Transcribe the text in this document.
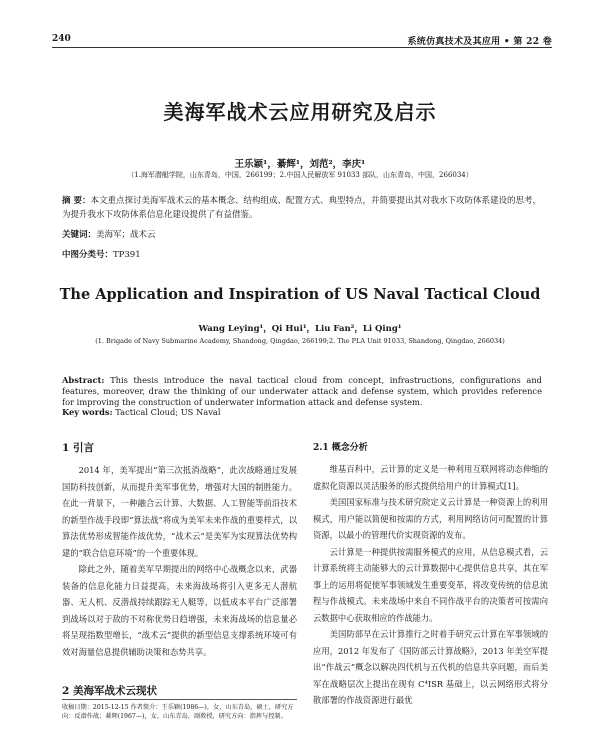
240	系统仿真技术及其应用 • 第 22 卷
美海军战术云应用研究及启示
王乐颖¹，綦辉¹，刘范²，李庆¹
（1.海军潜艇学院，山东青岛，中国，266199；2.中国人民解放军 91033 部队，山东青岛，中国，266034）
摘 要：本文重点探讨美海军战术云的基本概念、结构组成、配置方式、典型特点，并简要提出其对我水下攻防体系建设的思考，为提升我水下攻防体系信息化建设提供了有益借鉴。
关键词：美海军；战术云
中图分类号：TP391
The Application and Inspiration of US Naval Tactical Cloud
Wang Leying¹，Qi Hui¹，Liu Fan²，Li Qing¹
(1. Brigade of Navy Submarine Academy, Shandong, Qingdao, 266199;2. The PLA Unit 91033, Shandong, Qingdao, 266034)
Abstract: This thesis introduce the naval tactical cloud from concept, infrastructions, configurations and features, moreover, draw the thinking of our underwater attack and defense system, which provides reference for improving the construction of underwater information attack and defense system.
Key words: Tactical Cloud; US Naval
1 引言

2014 年，美军提出“第三次抵消战略”，此次战略通过发展国防科技创新，从而提升美军事优势，增强对大国的制胜能力。在此一背景下，一种融合云计算、大数据、人工智能等前沿技术的新型作战手段即“算法战”将成为美军未来作战的重要样式，以算法优势形成智能作战优势，“战术云”是美军为实现算法优势构建的“联合信息环境”的一个重要体现。

除此之外，随着美军早期提出的网络中心战概念以来，武器装备的信息化能力日益提高，未来海战场将引入更多无人潜航器、无人机、反潜战持续跟踪无人艇等，以低成本平台广泛部署到战场以对于敌的不对称优势日趋增强，未来海战场的信息量必将呈现指数型增长，“战术云”提供的新型信息支撑系统环境可有效对海量信息提供辅助决策和态势共享。

2 美海军战术云现状
收稿日期：2015-12-15 作者简介：王乐颖(1986—)，女，山东青岛，硕士，研究方向：反潜作战；綦辉(1967—)，女，山东青岛，副教授，研究方向：指挥与控制。
2.1 概念分析

维基百科中，云计算的定义是一种利用互联网将动态伸缩的虚拟化资源以灵活服务的形式提供给用户的计算模式[1]。

美国国家标准与技术研究院定义云计算是一种资源上的利用模式，用户能以简便和按需的方式，利用网络访问可配置的计算资源，以最小的管理代价实现资源的发布。

云计算是一种提供按需服务模式的应用，从信息模式看，云计算系统将主动能够大的云计算数据中心提供信息共享，其在军事上的运用将促使军事领域发生重要变革，将改变传统的信息流程与作战模式。未来战场中来自不同作战平台的决策者可按需向云数据中心获取相应的作战能力。

美国防部早在云计算推行之时着手研究云计算在军事领域的应用，2012 年发布了《国防部云计算战略》，2013 年美空军提出“作战云”概念以解决四代机与五代机的信息共享问题，而后美军在战略层次上提出在现有 C⁴ISR 基础上，以云网络形式将分散部署的作战资源进行最优
